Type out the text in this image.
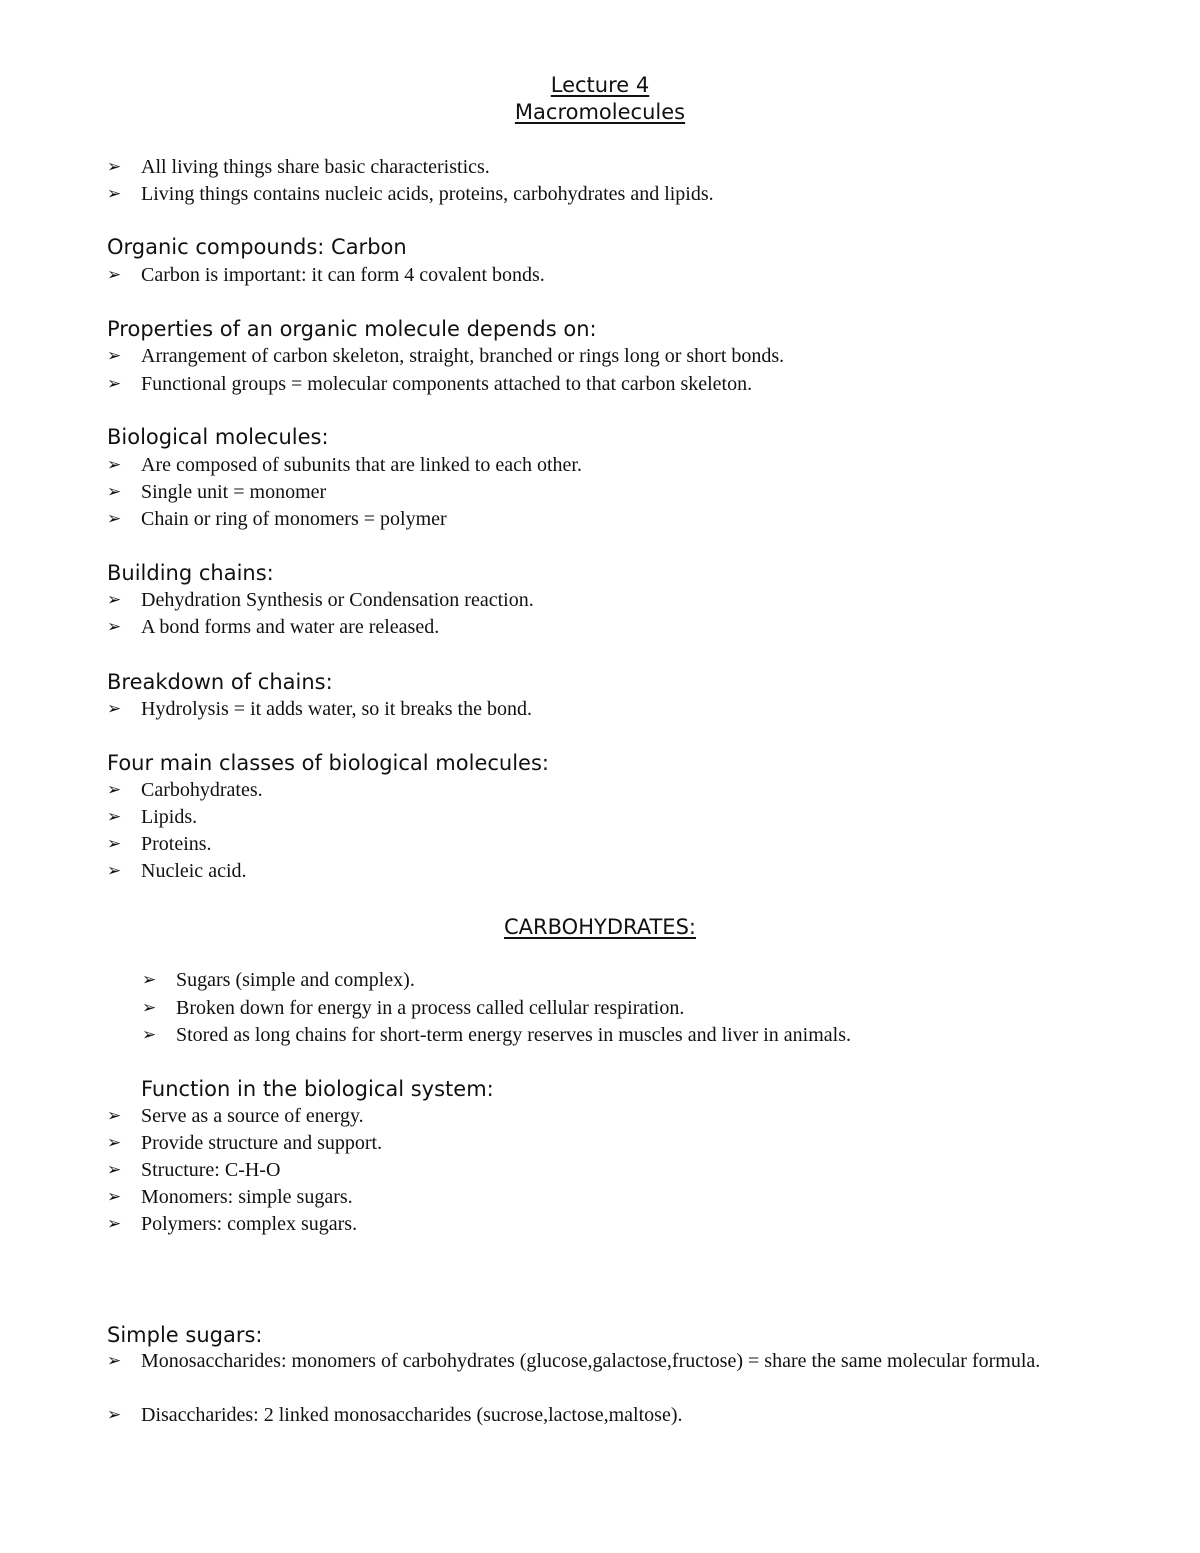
Lecture 4
Macromolecules
➢ All living things share basic characteristics.
➢ Living things contains nucleic acids, proteins, carbohydrates and lipids.
Organic compounds: Carbon
➢ Carbon is important: it can form 4 covalent bonds.
Properties of an organic molecule depends on:
➢ Arrangement of carbon skeleton, straight, branched or rings long or short bonds.
➢ Functional groups = molecular components attached to that carbon skeleton.
Biological molecules:
➢ Are composed of subunits that are linked to each other.
➢ Single unit = monomer
➢ Chain or ring of monomers = polymer
Building chains:
➢ Dehydration Synthesis or Condensation reaction.
➢ A bond forms and water are released.
Breakdown of chains:
➢ Hydrolysis = it adds water, so it breaks the bond.
Four main classes of biological molecules:
➢ Carbohydrates.
➢ Lipids.
➢ Proteins.
➢ Nucleic acid.
CARBOHYDRATES:
➢ Sugars (simple and complex).
➢ Broken down for energy in a process called cellular respiration.
➢ Stored as long chains for short-term energy reserves in muscles and liver in animals.
Function in the biological system:
➢ Serve as a source of energy.
➢ Provide structure and support.
➢ Structure: C-H-O
➢ Monomers: simple sugars.
➢ Polymers: complex sugars.
Simple sugars:
➢ Monosaccharides: monomers of carbohydrates (glucose,galactose,fructose) = share the same molecular formula.
➢ Disaccharides: 2 linked monosaccharides (sucrose,lactose,maltose).
